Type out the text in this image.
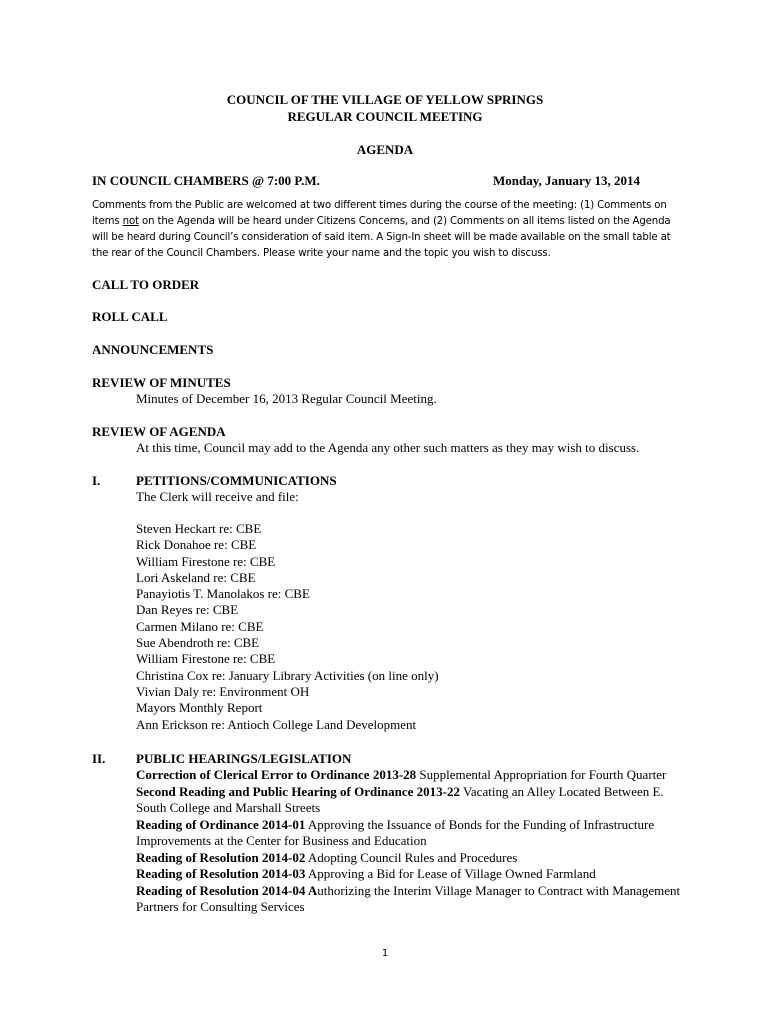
COUNCIL OF THE VILLAGE OF YELLOW SPRINGS
REGULAR COUNCIL MEETING
AGENDA
IN COUNCIL CHAMBERS @ 7:00 P.M.	Monday, January 13, 2014
Comments from the Public are welcomed at two different times during the course of the meeting: (1) Comments on items not on the Agenda will be heard under Citizens Concerns, and (2) Comments on all items listed on the Agenda will be heard during Council’s consideration of said item. A Sign-In sheet will be made available on the small table at the rear of the Council Chambers. Please write your name and the topic you wish to discuss.
CALL TO ORDER
ROLL CALL
ANNOUNCEMENTS
REVIEW OF MINUTES
Minutes of December 16, 2013 Regular Council Meeting.
REVIEW OF AGENDA
At this time, Council may add to the Agenda any other such matters as they may wish to discuss.
I.	PETITIONS/COMMUNICATIONS
The Clerk will receive and file:
Steven Heckart re: CBE
Rick Donahoe re: CBE
William Firestone re: CBE
Lori Askeland re: CBE
Panayiotis T. Manolakos re: CBE
Dan Reyes re: CBE
Carmen Milano re: CBE
Sue Abendroth re: CBE
William Firestone re: CBE
Christina Cox re: January Library Activities (on line only)
Vivian Daly re: Environment OH
Mayors Monthly Report
Ann Erickson re: Antioch College Land Development
II. PUBLIC HEARINGS/LEGISLATION
Correction of Clerical Error to Ordinance 2013-28 Supplemental Appropriation for Fourth Quarter
Second Reading and Public Hearing of Ordinance 2013-22 Vacating an Alley Located Between E. South College and Marshall Streets
Reading of Ordinance 2014-01 Approving the Issuance of Bonds for the Funding of Infrastructure Improvements at the Center for Business and Education
Reading of Resolution 2014-02 Adopting Council Rules and Procedures
Reading of Resolution 2014-03 Approving a Bid for Lease of Village Owned Farmland
Reading of Resolution 2014-04 Authorizing the Interim Village Manager to Contract with Management Partners for Consulting Services
1
